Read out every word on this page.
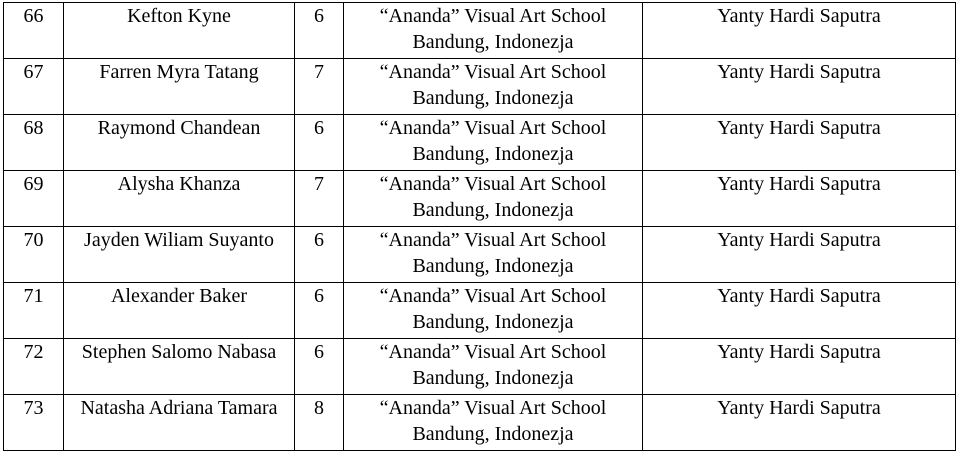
66	Kefton Kyne	6	“Ananda” Visual Art School
Bandung, Indonezja	Yanty Hardi Saputra
67	Farren Myra Tatang	7	“Ananda” Visual Art School
Bandung, Indonezja	Yanty Hardi Saputra
68	Raymond Chandean	6	“Ananda” Visual Art School
Bandung, Indonezja	Yanty Hardi Saputra
69	Alysha Khanza	7	“Ananda” Visual Art School
Bandung, Indonezja	Yanty Hardi Saputra
70	Jayden Wiliam Suyanto	6	“Ananda” Visual Art School
Bandung, Indonezja	Yanty Hardi Saputra
71	Alexander Baker	6	“Ananda” Visual Art School
Bandung, Indonezja	Yanty Hardi Saputra
72	Stephen Salomo Nabasa	6	“Ananda” Visual Art School
Bandung, Indonezja	Yanty Hardi Saputra
73	Natasha Adriana Tamara	8	“Ananda” Visual Art School
Bandung, Indonezja	Yanty Hardi Saputra
